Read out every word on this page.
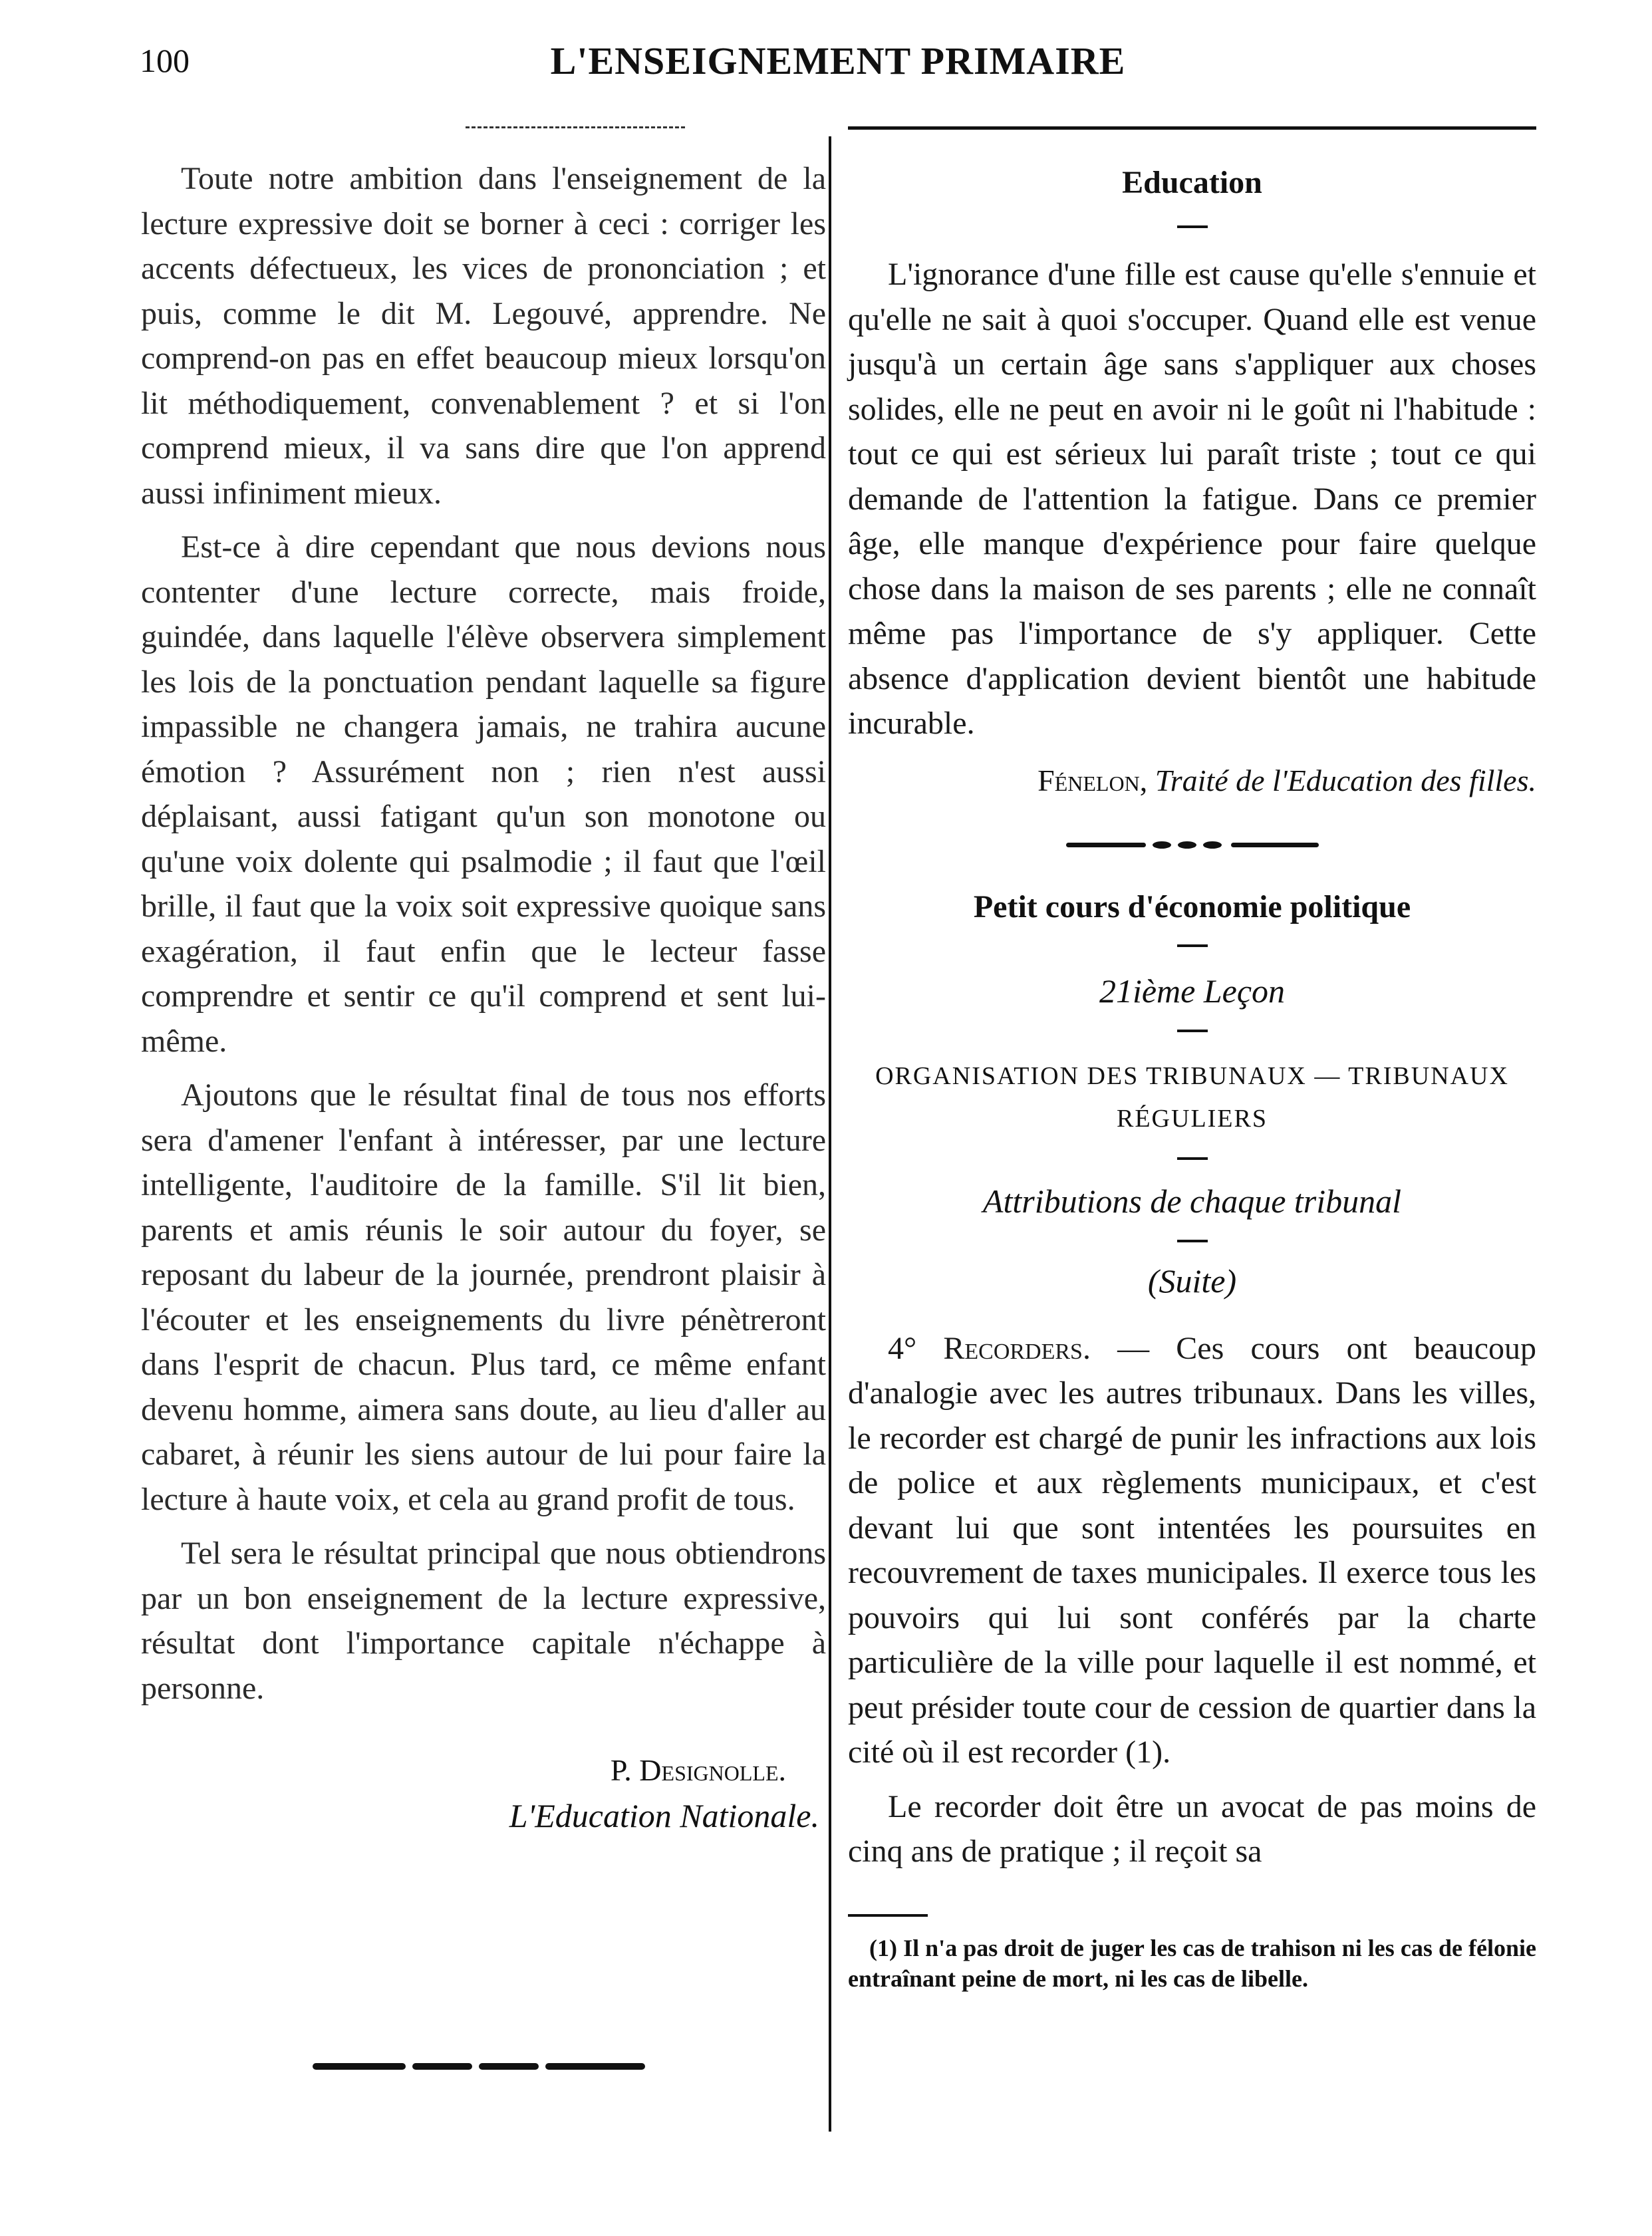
100	L'ENSEIGNEMENT PRIMAIRE

Toute notre ambition dans l'enseignement de la lecture expressive doit se borner à ceci : corriger les accents défectueux, les vices de prononciation ; et puis, comme le dit M. Legouvé, apprendre. Ne comprend-on pas en effet beaucoup mieux lorsqu'on lit méthodiquement, convenablement ? et si l'on comprend mieux, il va sans dire que l'on apprend aussi infiniment mieux.

Est-ce à dire cependant que nous devions nous contenter d'une lecture correcte, mais froide, guindée, dans laquelle l'élève observera simplement les lois de la ponctuation pendant laquelle sa figure impassible ne changera jamais, ne trahira aucune émotion ? Assurément non ; rien n'est aussi déplaisant, aussi fatigant qu'un son monotone ou qu'une voix dolente qui psalmodie ; il faut que l'œil brille, il faut que la voix soit expressive quoique sans exagération, il faut enfin que le lecteur fasse comprendre et sentir ce qu'il comprend et sent lui-même.

Ajoutons que le résultat final de tous nos efforts sera d'amener l'enfant à intéresser, par une lecture intelligente, l'auditoire de la famille. S'il lit bien, parents et amis réunis le soir autour du foyer, se reposant du labeur de la journée, prendront plaisir à l'écouter et les enseignements du livre pénètreront dans l'esprit de chacun. Plus tard, ce même enfant devenu homme, aimera sans doute, au lieu d'aller au cabaret, à réunir les siens autour de lui pour faire la lecture à haute voix, et cela au grand profit de tous.

Tel sera le résultat principal que nous obtiendrons par un bon enseignement de la lecture expressive, résultat dont l'importance capitale n'échappe à personne.

P. Designolle.

L'Education Nationale.

Education

L'ignorance d'une fille est cause qu'elle s'ennuie et qu'elle ne sait à quoi s'occuper. Quand elle est venue jusqu'à un certain âge sans s'appliquer aux choses solides, elle ne peut en avoir ni le goût ni l'habitude : tout ce qui est sérieux lui paraît triste ; tout ce qui demande de l'attention la fatigue. Dans ce premier âge, elle manque d'expérience pour faire quelque chose dans la maison de ses parents ; elle ne connaît même pas l'importance de s'y appliquer. Cette absence d'application devient bientôt une habitude incurable.

Fénelon, Traité de l'Education des filles.

Petit cours d'économie politique

21ième Leçon

ORGANISATION DES TRIBUNAUX — TRIBUNAUX RÉGULIERS

Attributions de chaque tribunal

(Suite)

4° Recorders. — Ces cours ont beaucoup d'analogie avec les autres tribunaux. Dans les villes, le recorder est chargé de punir les infractions aux lois de police et aux règlements municipaux, et c'est devant lui que sont intentées les poursuites en recouvrement de taxes municipales. Il exerce tous les pouvoirs qui lui sont conférés par la charte particulière de la ville pour laquelle il est nommé, et peut présider toute cour de cession de quartier dans la cité où il est recorder (1).

Le recorder doit être un avocat de pas moins de cinq ans de pratique ; il reçoit sa

(1) Il n'a pas droit de juger les cas de trahison ni les cas de félonie entraînant peine de mort, ni les cas de libelle.
